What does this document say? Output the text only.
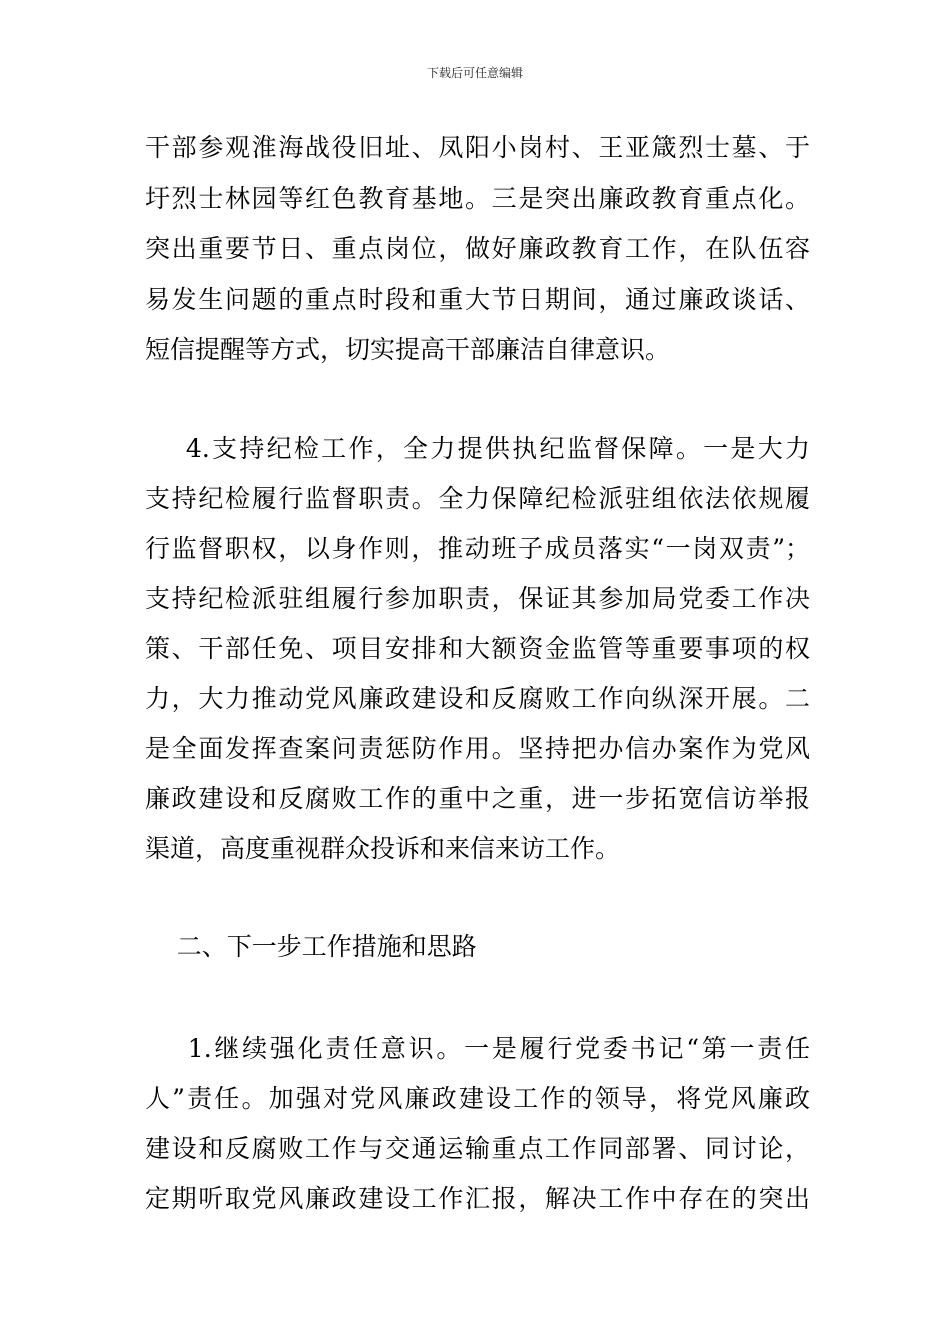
下载后可任意编辑
干部参观淮海战役旧址、凤阳小岗村、王亚箴烈士墓、于
圩烈士林园等红色教育基地。三是突出廉政教育重点化。
突出重要节日、重点岗位，做好廉政教育工作，在队伍容
易发生问题的重点时段和重大节日期间，通过廉政谈话、
短信提醒等方式，切实提高干部廉洁自律意识。
4.支持纪检工作，全力提供执纪监督保障。一是大力
支持纪检履行监督职责。全力保障纪检派驻组依法依规履
行监督职权，以身作则，推动班子成员落实“一岗双责”；
支持纪检派驻组履行参加职责，保证其参加局党委工作决
策、干部任免、项目安排和大额资金监管等重要事项的权
力，大力推动党风廉政建设和反腐败工作向纵深开展。二
是全面发挥查案问责惩防作用。坚持把办信办案作为党风
廉政建设和反腐败工作的重中之重，进一步拓宽信访举报
渠道，高度重视群众投诉和来信来访工作。
二、下一步工作措施和思路
1.继续强化责任意识。一是履行党委书记“第一责任
人”责任。加强对党风廉政建设工作的领导，将党风廉政
建设和反腐败工作与交通运输重点工作同部署、同讨论，
定期听取党风廉政建设工作汇报，解决工作中存在的突出
